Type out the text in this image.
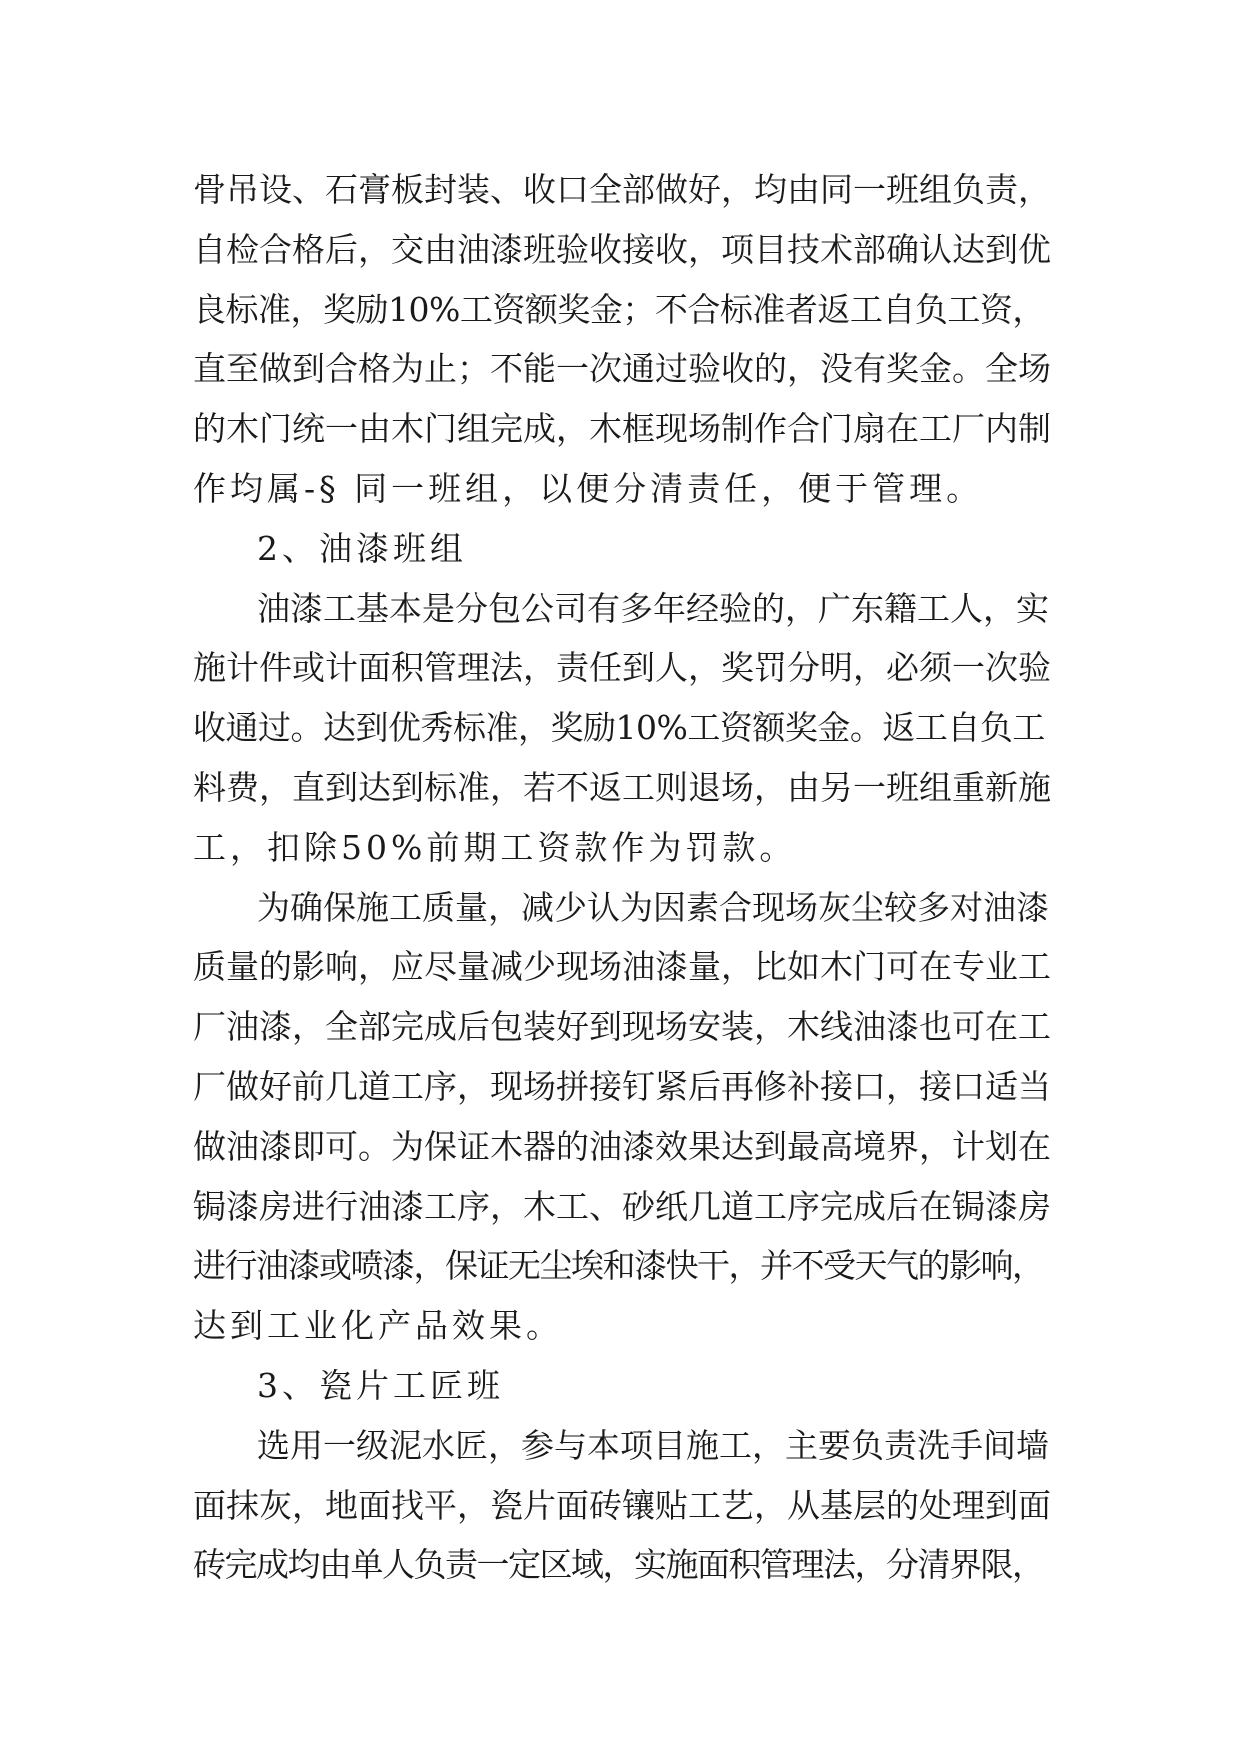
骨吊设、石膏板封装、收口全部做好，均由同一班组负责，
自检合格后，交由油漆班验收接收，项目技术部确认达到优
良标准，奖励10%工资额奖金；不合标准者返工自负工资，
直至做到合格为止；不能一次通过验收的，没有奖金。全场
的木门统一由木门组完成，木框现场制作合门扇在工厂内制
作均属-§ 同一班组，以便分清责任，便于管理。
2、油漆班组
油漆工基本是分包公司有多年经验的，广东籍工人，实
施计件或计面积管理法，责任到人，奖罚分明，必须一次验
收通过。达到优秀标准，奖励10%工资额奖金。返工自负工
料费，直到达到标准，若不返工则退场，由另一班组重新施
工，扣除50%前期工资款作为罚款。
为确保施工质量，减少认为因素合现场灰尘较多对油漆
质量的影响，应尽量减少现场油漆量，比如木门可在专业工
厂油漆，全部完成后包装好到现场安装，木线油漆也可在工
厂做好前几道工序，现场拼接钉紧后再修补接口，接口适当
做油漆即可。为保证木器的油漆效果达到最高境界，计划在
锔漆房进行油漆工序，木工、砂纸几道工序完成后在锔漆房
进行油漆或喷漆，保证无尘埃和漆快干，并不受天气的影响，
达到工业化产品效果。
3、瓷片工匠班
选用一级泥水匠，参与本项目施工，主要负责洗手间墙
面抹灰，地面找平，瓷片面砖镶贴工艺，从基层的处理到面
砖完成均由单人负责一定区域，实施面积管理法，分清界限，
